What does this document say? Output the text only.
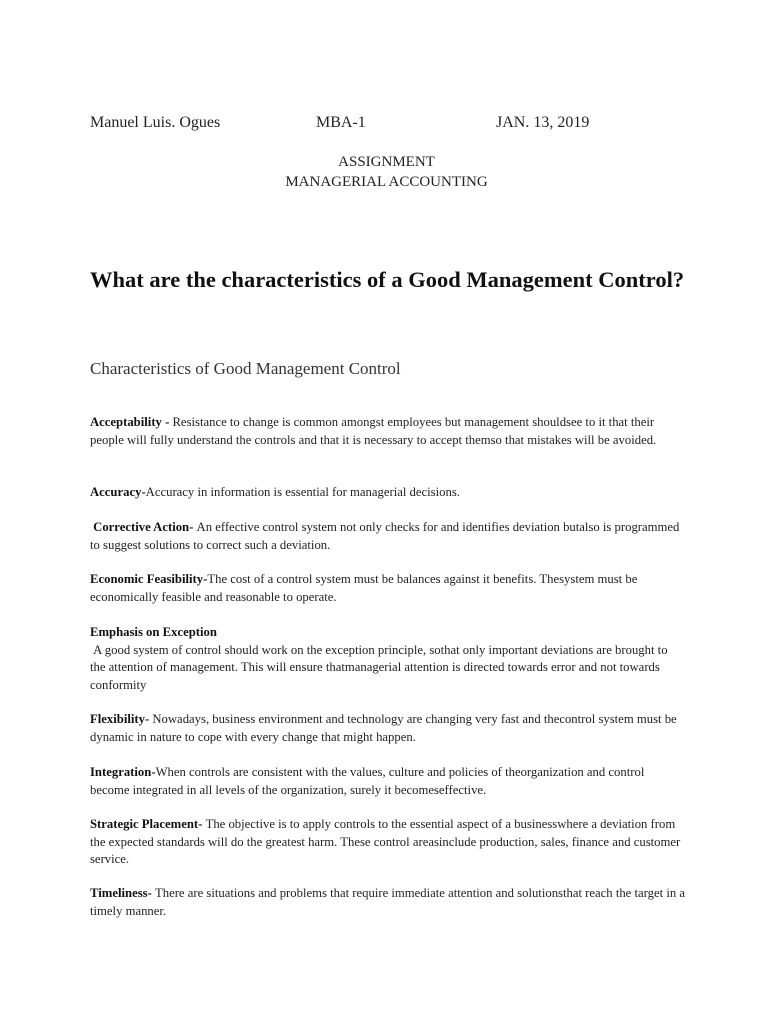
Manuel Luis. Ogues	MBA-1	JAN. 13, 2019
ASSIGNMENT
MANAGERIAL ACCOUNTING
What are the characteristics of a Good Management Control?
Characteristics of Good Management Control
Acceptability - Resistance to change is common amongst employees but management shouldsee to it that their people will fully understand the controls and that it is necessary to accept themso that mistakes will be avoided.
Accuracy-Accuracy in information is essential for managerial decisions.
Corrective Action- An effective control system not only checks for and identifies deviation butalso is programmed to suggest solutions to correct such a deviation.
Economic Feasibility-The cost of a control system must be balances against it benefits. Thesystem must be economically feasible and reasonable to operate.
Emphasis on Exception
A good system of control should work on the exception principle, sothat only important deviations are brought to the attention of management. This will ensure thatmanagerial attention is directed towards error and not towards conformity
Flexibility- Nowadays, business environment and technology are changing very fast and thecontrol system must be dynamic in nature to cope with every change that might happen.
Integration-When controls are consistent with the values, culture and policies of theorganization and control become integrated in all levels of the organization, surely it becomeseffective.
Strategic Placement- The objective is to apply controls to the essential aspect of a businesswhere a deviation from the expected standards will do the greatest harm. These control areasinclude production, sales, finance and customer service.
Timeliness- There are situations and problems that require immediate attention and solutionsthat reach the target in a timely manner.
